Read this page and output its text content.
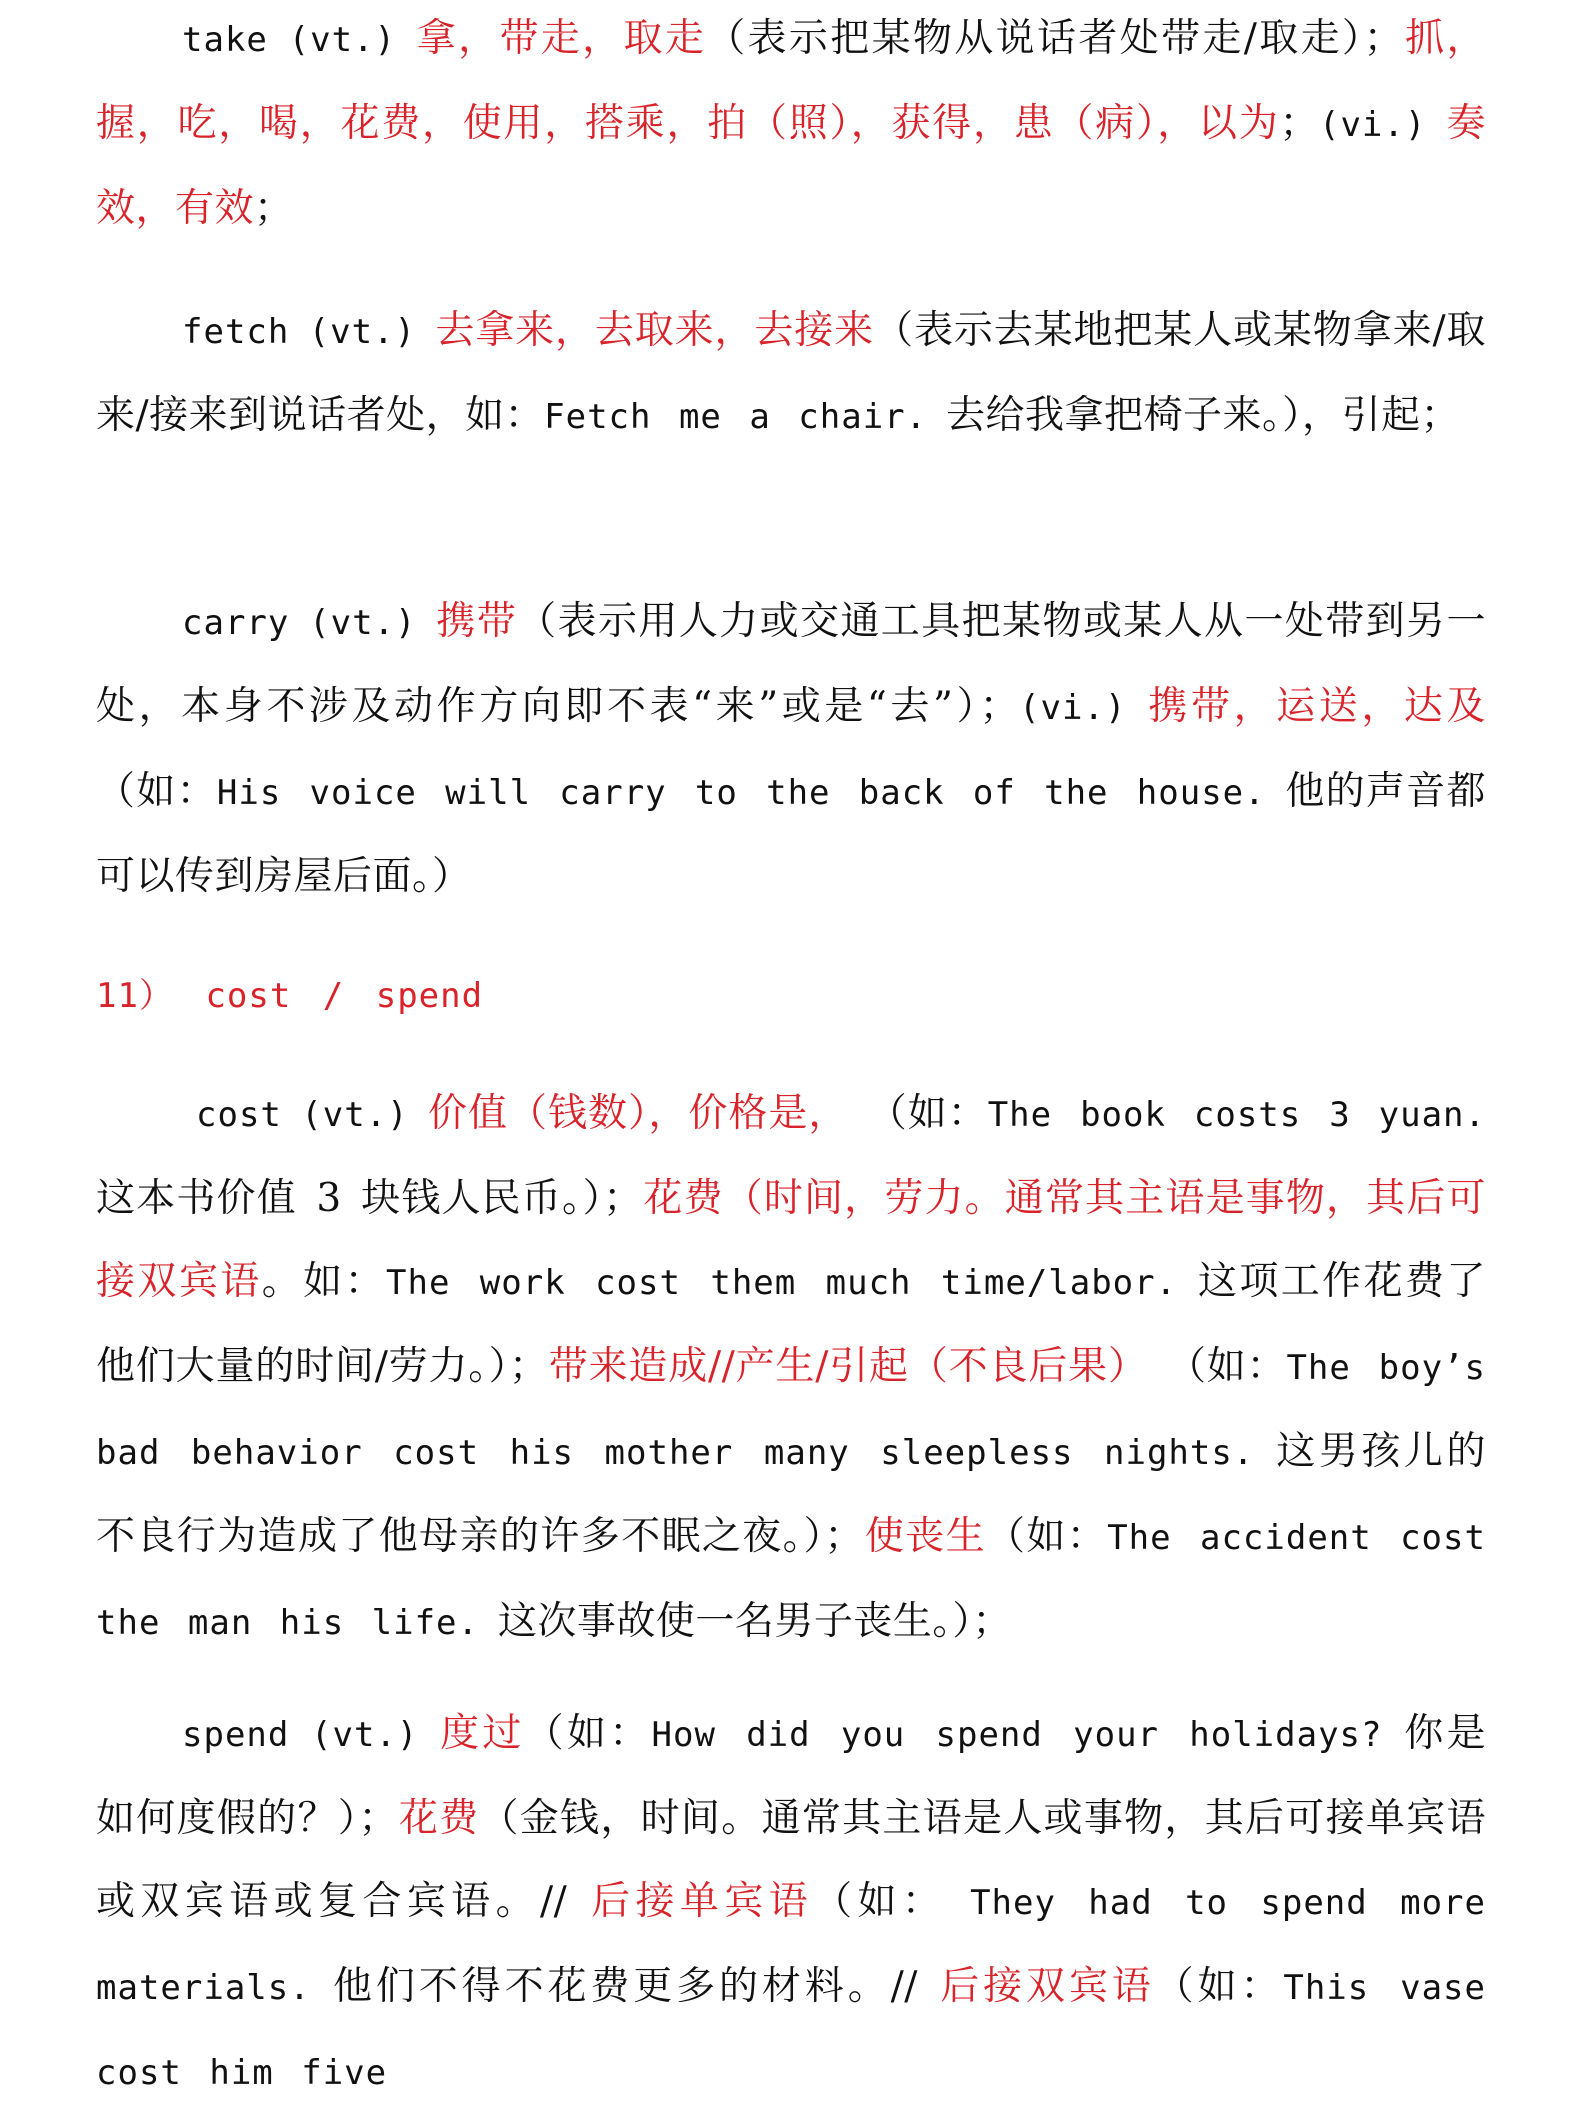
take (vt.) 拿，带走，取走（表示把某物从说话者处带走/取走）；抓，握，吃，喝，花费，使用，搭乘，拍（照），获得，患（病），以为；(vi.) 奏效，有效；

fetch (vt.) 去拿来，去取来，去接来（表示去某地把某人或某物拿来/取来/接来到说话者处，如：Fetch me a chair. 去给我拿把椅子来。），引起；

carry (vt.) 携带（表示用人力或交通工具把某物或某人从一处带到另一处，本身不涉及动作方向即不表“来”或是“去”）；(vi.) 携带，运送，达及（如：His voice will carry to the back of the house. 他的声音都可以传到房屋后面。）

11） cost / spend

cost (vt.) 价值（钱数），价格是， （如：The book costs 3 yuan. 这本书价值 3 块钱人民币。）；花费（时间，劳力。通常其主语是事物，其后可接双宾语。如：The work cost them much time/labor. 这项工作花费了他们大量的时间/劳力。）；带来造成//产生/引起（不良后果） （如：The boy’s bad behavior cost his mother many sleepless nights. 这男孩儿的不良行为造成了他母亲的许多不眠之夜。）；使丧生（如：The accident cost the man his life. 这次事故使一名男子丧生。）；

spend (vt.) 度过（如：How did you spend your holidays? 你是如何度假的？）；花费（金钱，时间。通常其主语是人或事物，其后可接单宾语或双宾语或复合宾语。// 后接单宾语（如： They had to spend more materials. 他们不得不花费更多的材料。// 后接双宾语（如：This vase cost him five
